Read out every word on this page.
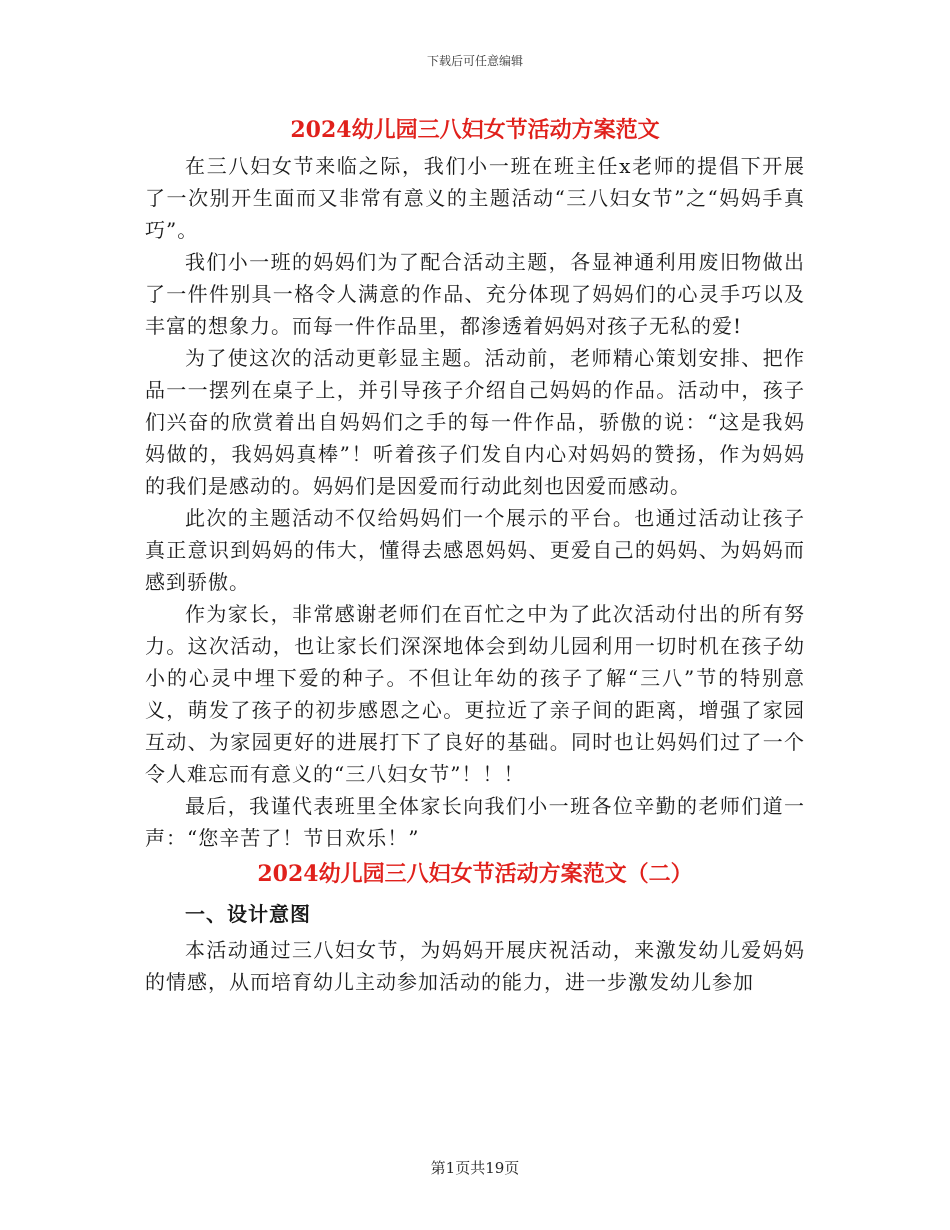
下载后可任意编辑
2024幼儿园三八妇女节活动方案范文

在三八妇女节来临之际，我们小一班在班主任x老师的提倡下开展了一次别开生面而又非常有意义的主题活动“三八妇女节”之“妈妈手真巧”。

我们小一班的妈妈们为了配合活动主题，各显神通利用废旧物做出了一件件别具一格令人满意的作品、充分体现了妈妈们的心灵手巧以及丰富的想象力。而每一件作品里，都渗透着妈妈对孩子无私的爱!

为了使这次的活动更彰显主题。活动前，老师精心策划安排、把作品一一摆列在桌子上，并引导孩子介绍自己妈妈的作品。活动中，孩子们兴奋的欣赏着出自妈妈们之手的每一件作品，骄傲的说：“这是我妈妈做的，我妈妈真棒”！听着孩子们发自内心对妈妈的赞扬，作为妈妈的我们是感动的。妈妈们是因爱而行动此刻也因爱而感动。

此次的主题活动不仅给妈妈们一个展示的平台。也通过活动让孩子真正意识到妈妈的伟大，懂得去感恩妈妈、更爱自己的妈妈、为妈妈而感到骄傲。

作为家长，非常感谢老师们在百忙之中为了此次活动付出的所有努力。这次活动，也让家长们深深地体会到幼儿园利用一切时机在孩子幼小的心灵中埋下爱的种子。不但让年幼的孩子了解“三八”节的特别意义，萌发了孩子的初步感恩之心。更拉近了亲子间的距离，增强了家园互动、为家园更好的进展打下了良好的基础。同时也让妈妈们过了一个令人难忘而有意义的“三八妇女节”！！！

最后，我谨代表班里全体家长向我们小一班各位辛勤的老师们道一声：“您辛苦了！节日欢乐！”

2024幼儿园三八妇女节活动方案范文（二）

一、设计意图

本活动通过三八妇女节，为妈妈开展庆祝活动，来激发幼儿爱妈妈的情感，从而培育幼儿主动参加活动的能力，进一步激发幼儿参加

第1页共19页
